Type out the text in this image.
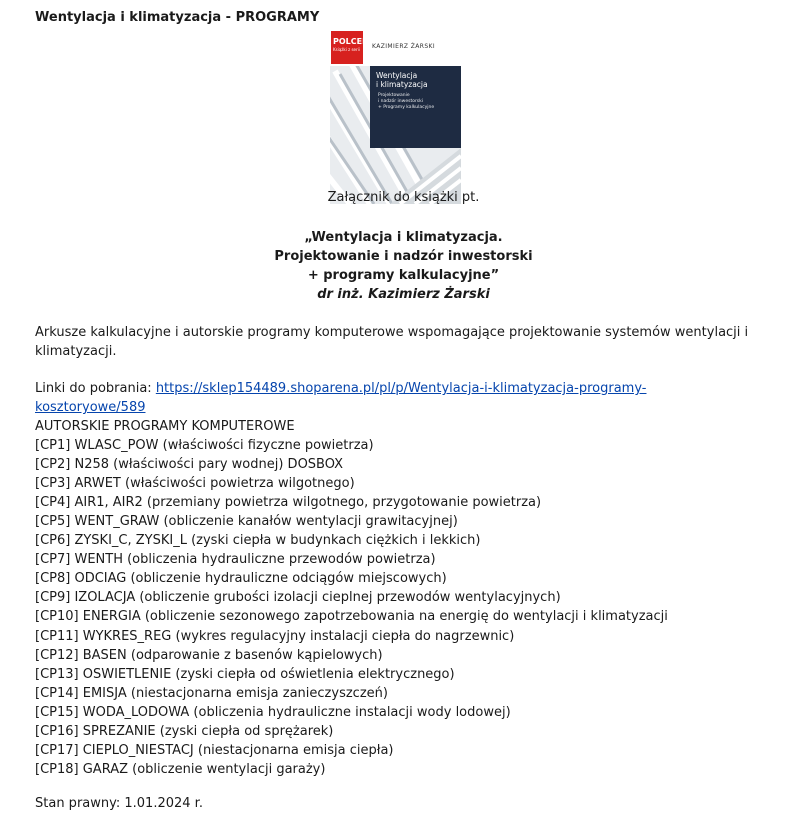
Wentylacja i klimatyzacja - PROGRAMY
POLCEN
Książki z serii	KAZIMIERZ ŻARSKI
Wentylacja
i klimatyzacja
Projektowanie
i nadzór inwestorski
+ Programy kalkulacyjne
Załącznik do książki pt.
„Wentylacja i klimatyzacja.
Projektowanie i nadzór inwestorski
+ programy kalkulacyjne”
dr inż. Kazimierz Żarski
Arkusze kalkulacyjne i autorskie programy komputerowe wspomagające projektowanie systemów wentylacji i klimatyzacji.
Linki do pobrania: https://sklep154489.shoparena.pl/pl/p/Wentylacja-i-klimatyzacja-programy-
kosztoryowe/589
AUTORSKIE PROGRAMY KOMPUTEROWE
[CP1] WLASC_POW (właściwości fizyczne powietrza)
[CP2] N258 (właściwości pary wodnej) DOSBOX
[CP3] ARWET (właściwości powietrza wilgotnego)
[CP4] AIR1, AIR2 (przemiany powietrza wilgotnego, przygotowanie powietrza)
[CP5] WENT_GRAW (obliczenie kanałów wentylacji grawitacyjnej)
[CP6] ZYSKI_C, ZYSKI_L (zyski ciepła w budynkach ciężkich i lekkich)
[CP7] WENTH (obliczenia hydrauliczne przewodów powietrza)
[CP8] ODCIAG (obliczenie hydrauliczne odciągów miejscowych)
[CP9] IZOLACJA (obliczenie grubości izolacji cieplnej przewodów wentylacyjnych)
[CP10] ENERGIA (obliczenie sezonowego zapotrzebowania na energię do wentylacji i klimatyzacji
[CP11] WYKRES_REG (wykres regulacyjny instalacji ciepła do nagrzewnic)
[CP12] BASEN (odparowanie z basenów kąpielowych)
[CP13] OSWIETLENIE (zyski ciepła od oświetlenia elektrycznego)
[CP14] EMISJA (niestacjonarna emisja zanieczyszczeń)
[CP15] WODA_LODOWA (obliczenia hydrauliczne instalacji wody lodowej)
[CP16] SPREZANIE (zyski ciepła od sprężarek)
[CP17] CIEPLO_NIESTACJ (niestacjonarna emisja ciepła)
[CP18] GARAZ (obliczenie wentylacji garaży)
Stan prawny: 1.01.2024 r.
